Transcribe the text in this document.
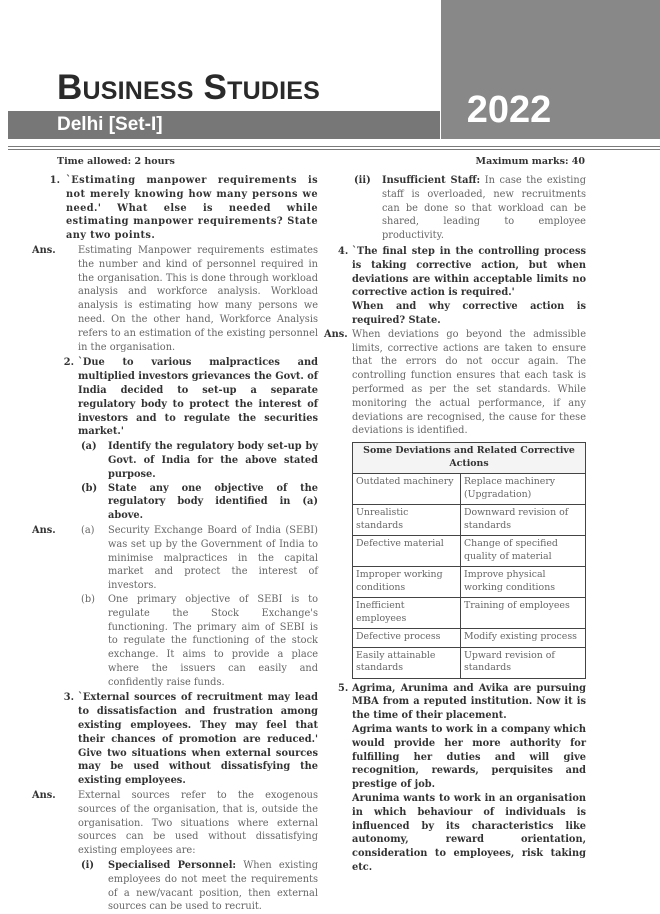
Business Studies
Delhi [Set-I]	2022
Time allowed: 2 hours	Maximum marks: 40
1. `Estimating manpower requirements is not merely knowing how many persons we need.' What else is needed while estimating manpower requirements? State any two points.
Ans. Estimating Manpower requirements estimates the number and kind of personnel required in the organisation. This is done through workload analysis and workforce analysis. Workload analysis is estimating how many persons we need. On the other hand, Workforce Analysis refers to an estimation of the existing personnel in the organisation.
2. `Due to various malpractices and multiplied investors grievances the Govt. of India decided to set-up a separate regulatory body to protect the interest of investors and to regulate the securities market.'
(a) Identify the regulatory body set-up by Govt. of India for the above stated purpose.
(b) State any one objective of the regulatory body identified in (a) above.
Ans.	(a) Security Exchange Board of India (SEBI) was set up by the Government of India to minimise malpractices in the capital market and protect the interest of investors.
(b) One primary objective of SEBI is to regulate the Stock Exchange's functioning. The primary aim of SEBI is to regulate the functioning of the stock exchange. It aims to provide a place where the issuers can easily and confidently raise funds.
3. `External sources of recruitment may lead to dissatisfaction and frustration among existing employees. They may feel that their chances of promotion are reduced.' Give two situations when external sources may be used without dissatisfying the existing employees.
Ans. External sources refer to the exogenous sources of the organisation, that is, outside the organisation. Two situations where external sources can be used without dissatisfying existing employees are:
(i) Specialised Personnel: When existing employees do not meet the requirements of a new/vacant position, then external sources can be used to recruit.
(ii) Insufficient Staff: In case the existing staff is overloaded, new recruitments can be done so that workload can be shared, leading to employee productivity.
4. `The final step in the controlling process is taking corrective action, but when deviations are within acceptable limits no corrective action is required.'
When and why corrective action is required? State.
Ans. When deviations go beyond the admissible limits, corrective actions are taken to ensure that the errors do not occur again. The controlling function ensures that each task is performed as per the set standards. While monitoring the actual performance, if any deviations are recognised, the cause for these deviations is identified.
Some Deviations and Related Corrective Actions	
Outdated machinery	Replace machinery (Upgradation)
Unrealistic standards	Downward revision of standards
Defective material	Change of specified quality of material
Improper working conditions	Improve physical working conditions
Inefficient employees	Training of employees
Defective process	Modify existing process
Easily attainable standards	Upward revision of standards
5. Agrima, Arunima and Avika are pursuing MBA from a reputed institution. Now it is the time of their placement.
Agrima wants to work in a company which would provide her more authority for fulfilling her duties and will give recognition, rewards, perquisites and prestige of job.
Arunima wants to work in an organisation in which behaviour of individuals is influenced by its characteristics like autonomy, reward orientation, consideration to employees, risk taking etc.
